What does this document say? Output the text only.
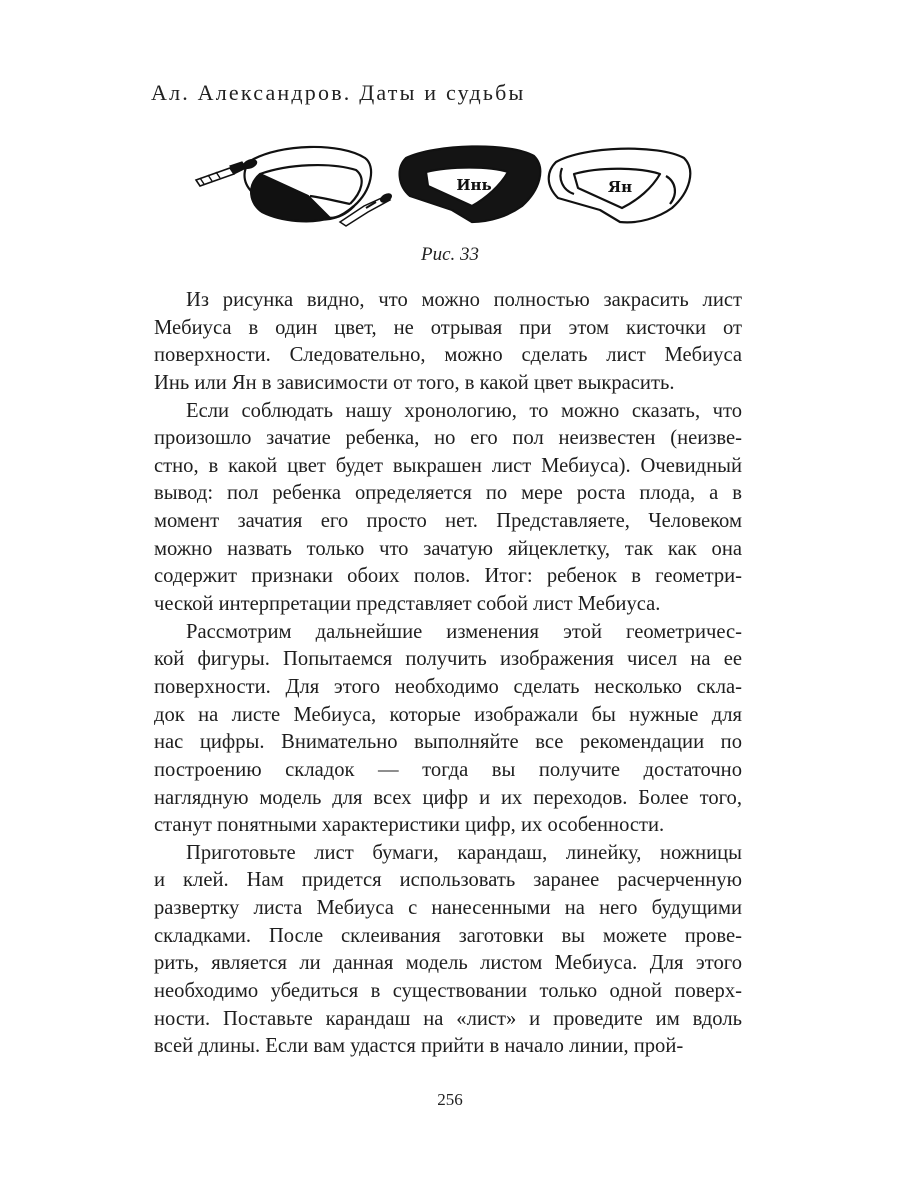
Ал. Александров. Даты и судьбы
Инь	Ян
Рис. 33
Из рисунка видно, что можно полностью закрасить лист
Мебиуса в один цвет, не отрывая при этом кисточки от
поверхности. Следовательно, можно сделать лист Мебиуса
Инь или Ян в зависимости от того, в какой цвет выкрасить.
Если соблюдать нашу хронологию, то можно сказать, что
произошло зачатие ребенка, но его пол неизвестен (неизве-
стно, в какой цвет будет выкрашен лист Мебиуса). Очевидный
вывод: пол ребенка определяется по мере роста плода, а в
момент зачатия его просто нет. Представляете, Человеком
можно назвать только что зачатую яйцеклетку, так как она
содержит признаки обоих полов. Итог: ребенок в геометри-
ческой интерпретации представляет собой лист Мебиуса.
Рассмотрим дальнейшие изменения этой геометричес-
кой фигуры. Попытаемся получить изображения чисел на ее
поверхности. Для этого необходимо сделать несколько склa-
док на листе Мебиуса, которые изображали бы нужные для
нас цифры. Внимательно выполняйте все рекомендации по
построению складок — тогда вы получите достаточно
наглядную модель для всех цифр и их переходов. Более того,
станут понятными характеристики цифр, их особенности.
Приготовьте лист бумаги, карандаш, линейку, ножницы
и клей. Нам придется использовать заранее расчерченную
развертку листа Мебиуса с нанесенными на него будущими
складками. После склеивания заготовки вы можете прове-
рить, является ли данная модель листом Мебиуса. Для этого
необходимо убедиться в существовании только одной поверх-
ности. Поставьте карандаш на «лист» и проведите им вдоль
всей длины. Если вам удастся прийти в начало линии, прой-
256
